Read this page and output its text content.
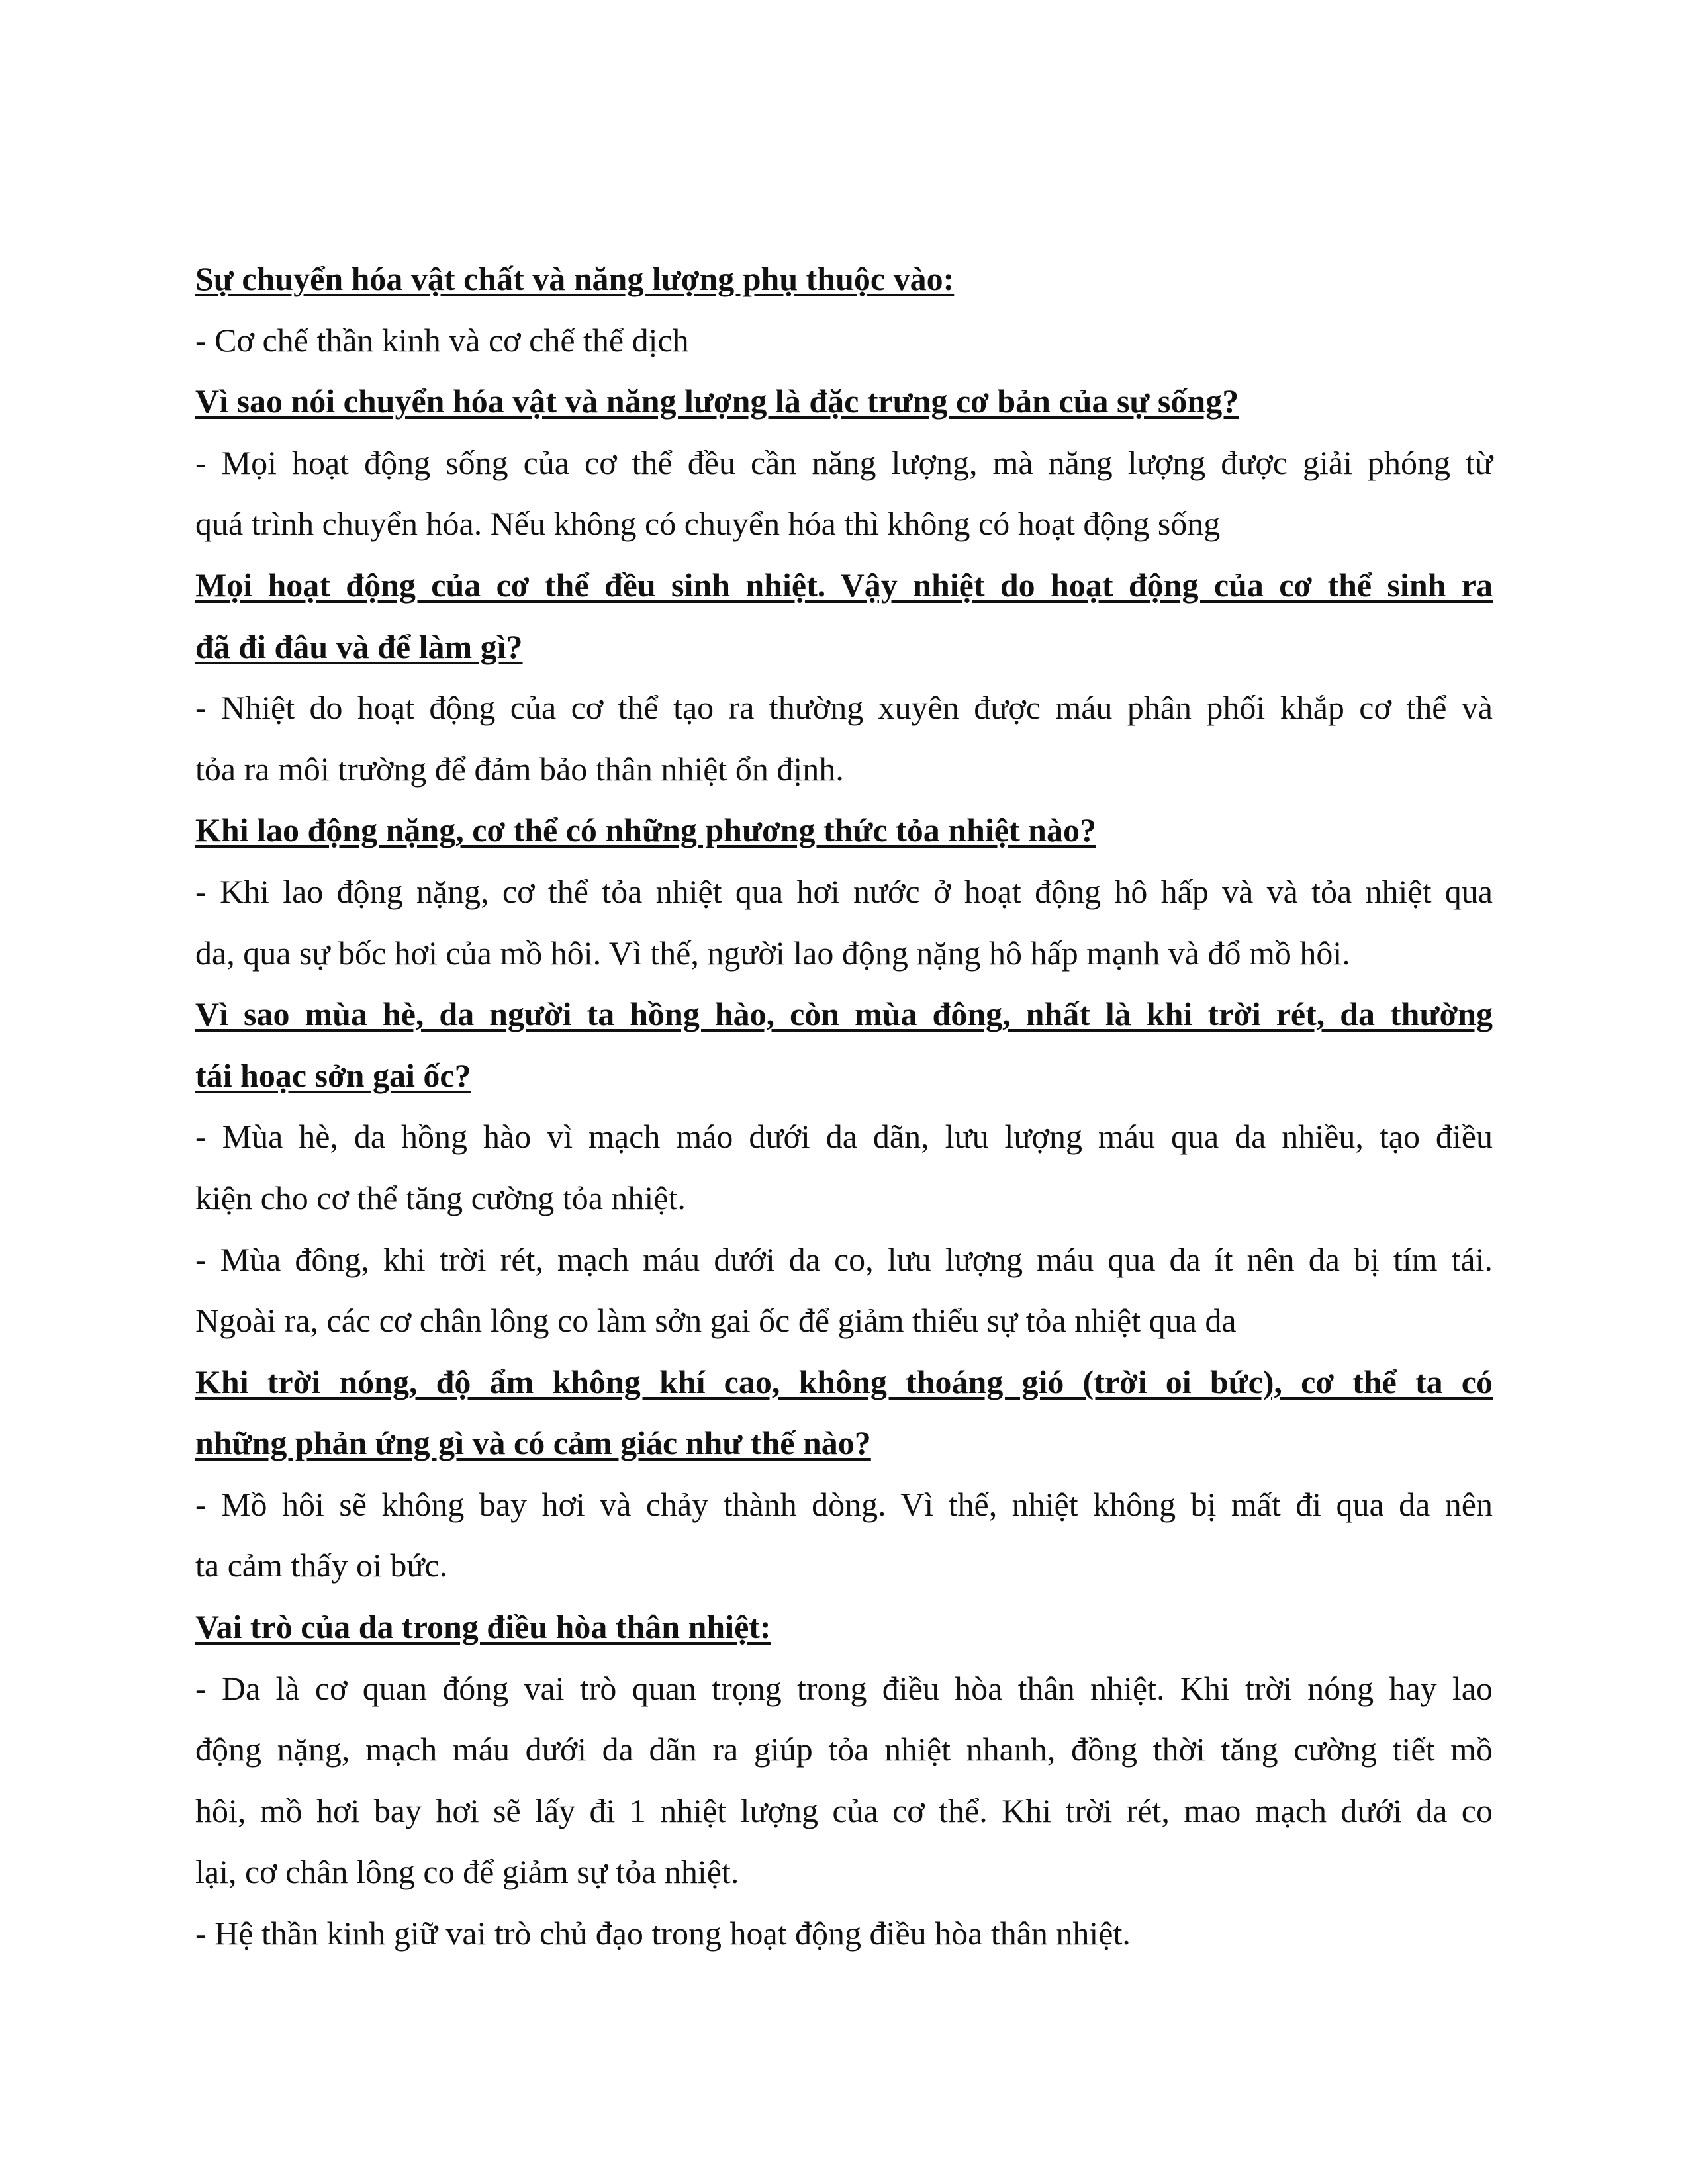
Sự chuyển hóa vật chất và năng lượng phụ thuộc vào:
- Cơ chế thần kinh và cơ chế thể dịch
Vì sao nói chuyển hóa vật và năng lượng là đặc trưng cơ bản của sự sống?
- Mọi hoạt động sống của cơ thể đều cần năng lượng, mà năng lượng được giải phóng từ
quá trình chuyển hóa. Nếu không có chuyển hóa thì không có hoạt động sống
Mọi hoạt động của cơ thể đều sinh nhiệt. Vậy nhiệt do hoạt động của cơ thể sinh ra
đã đi đâu và để làm gì?
- Nhiệt do hoạt động của cơ thể tạo ra thường xuyên được máu phân phối khắp cơ thể và
tỏa ra môi trường để đảm bảo thân nhiệt ổn định.
Khi lao động nặng, cơ thể có những phương thức tỏa nhiệt nào?
- Khi lao động nặng, cơ thể tỏa nhiệt qua hơi nước ở hoạt động hô hấp và và tỏa nhiệt qua
da, qua sự bốc hơi của mồ hôi. Vì thế, người lao động nặng hô hấp mạnh và đổ mồ hôi.
Vì sao mùa hè, da người ta hồng hào, còn mùa đông, nhất là khi trời rét, da thường
tái hoạc sởn gai ốc?
- Mùa hè, da hồng hào vì mạch máo dưới da dãn, lưu lượng máu qua da nhiều, tạo điều
kiện cho cơ thể tăng cường tỏa nhiệt.
- Mùa đông, khi trời rét, mạch máu dưới da co, lưu lượng máu qua da ít nên da bị tím tái.
Ngoài ra, các cơ chân lông co làm sởn gai ốc để giảm thiểu sự tỏa nhiệt qua da
Khi trời nóng, độ ẩm không khí cao, không thoáng gió (trời oi bức), cơ thể ta có
những phản ứng gì và có cảm giác như thế nào?
- Mồ hôi sẽ không bay hơi và chảy thành dòng. Vì thế, nhiệt không bị mất đi qua da nên
ta cảm thấy oi bức.
Vai trò của da trong điều hòa thân nhiệt:
- Da là cơ quan đóng vai trò quan trọng trong điều hòa thân nhiệt. Khi trời nóng hay lao
động nặng, mạch máu dưới da dãn ra giúp tỏa nhiệt nhanh, đồng thời tăng cường tiết mồ
hôi, mồ hơi bay hơi sẽ lấy đi 1 nhiệt lượng của cơ thể. Khi trời rét, mao mạch dưới da co
lại, cơ chân lông co để giảm sự tỏa nhiệt.
- Hệ thần kinh giữ vai trò chủ đạo trong hoạt động điều hòa thân nhiệt.
